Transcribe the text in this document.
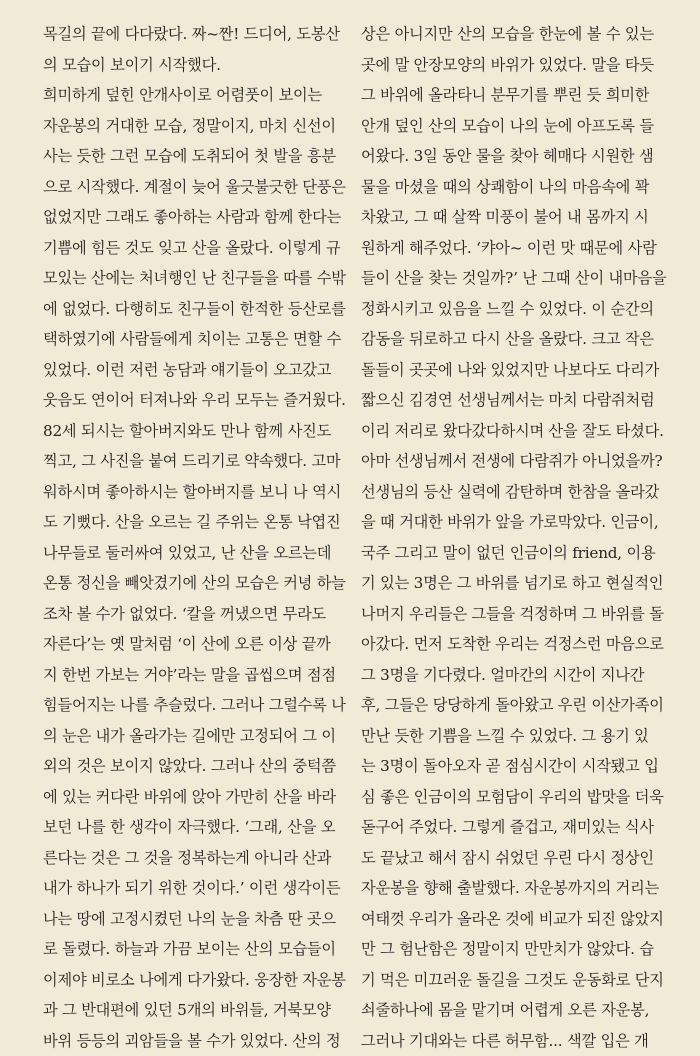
목길의 끝에 다다랐다. 짜~짠! 드디어, 도봉산
의 모습이 보이기 시작했다.
희미하게 덮힌 안개사이로 어렴풋이 보이는
자운봉의 거대한 모습, 정말이지, 마치 신선이
사는 듯한 그런 모습에 도취되어 첫 발을 흥분
으로 시작했다. 계절이 늦어 울긋불긋한 단풍은
없었지만 그래도 좋아하는 사람과 함께 한다는
기쁨에 힘든 것도 잊고 산을 올랐다. 이렇게 규
모있는 산에는 처녀행인 난 친구들을 따를 수밖
에 없었다. 다행히도 친구들이 한적한 등산로를
택하였기에 사람들에게 치이는 고통은 면할 수
있었다. 이런 저런 농담과 얘기들이 오고갔고
웃음도 연이어 터져나와 우리 모두는 즐거웠다.
82세 되시는 할아버지와도 만나 함께 사진도
찍고, 그 사진을 붙여 드리기로 약속했다. 고마
워하시며 좋아하시는 할아버지를 보니 나 역시
도 기뻤다. 산을 오르는 길 주위는 온통 낙엽진
나무들로 둘러싸여 있었고, 난 산을 오르는데
온통 정신을 빼앗겼기에 산의 모습은 커녕 하늘
조차 볼 수가 없었다. ‘칼을 꺼냈으면 무라도
자른다’는 옛 말처럼 ‘이 산에 오른 이상 끝까
지 한번 가보는 거야’라는 말을 곱씹으며 점점
힘들어지는 나를 추슬렀다. 그러나 그럴수록 나
의 눈은 내가 올라가는 길에만 고정되어 그 이
외의 것은 보이지 않았다. 그러나 산의 중턱쯤
에 있는 커다란 바위에 앉아 가만히 산을 바라
보던 나를 한 생각이 자극했다. ‘그래, 산을 오
른다는 것은 그 것을 정복하는게 아니라 산과
내가 하나가 되기 위한 것이다.’ 이런 생각이든
나는 땅에 고정시켰던 나의 눈을 차츰 딴 곳으
로 돌렸다. 하늘과 가끔 보이는 산의 모습들이
이제야 비로소 나에게 다가왔다. 웅장한 자운봉
과 그 반대편에 있던 5개의 바위들, 거북모양
바위 등등의 괴암들을 볼 수가 있었다. 산의 정
상은 아니지만 산의 모습을 한눈에 볼 수 있는
곳에 말 안장모양의 바위가 있었다. 말을 타듯
그 바위에 올라타니 분무기를 뿌린 듯 희미한
안개 덮인 산의 모습이 나의 눈에 아프도록 들
어왔다. 3일 동안 물을 찾아 헤매다 시원한 샘
물을 마셨을 때의 상쾌함이 나의 마음속에 꽉
차왔고, 그 때 살짝 미풍이 불어 내 몸까지 시
원하게 해주었다. ‘캬아~ 이런 맛 때문에 사람
들이 산을 찾는 것일까?’ 난 그때 산이 내마음을
정화시키고 있음을 느낄 수 있었다. 이 순간의
감동을 뒤로하고 다시 산을 올랐다. 크고 작은
돌들이 곳곳에 나와 있었지만 나보다도 다리가
짧으신 김경연 선생님께서는 마치 다람쥐처럼
이리 저리로 왔다갔다하시며 산을 잘도 타셨다.
아마 선생님께서 전생에 다람쥐가 아니었을까?
선생님의 등산 실력에 감탄하며 한참을 올라갔
을 때 거대한 바위가 앞을 가로막았다. 인금이,
국주 그리고 말이 없던 인금이의 friend, 이용
기 있는 3명은 그 바위를 넘기로 하고 현실적인
나머지 우리들은 그들을 걱정하며 그 바위를 돌
아갔다. 먼저 도착한 우리는 걱정스런 마음으로
그 3명을 기다렸다. 얼마간의 시간이 지나간
후, 그들은 당당하게 돌아왔고 우린 이산가족이
만난 듯한 기쁨을 느낄 수 있었다. 그 용기 있
는 3명이 돌아오자 곧 점심시간이 시작됐고 입
심 좋은 인금이의 모험담이 우리의 밥맛을 더욱
돋구어 주었다. 그렇게 즐겁고, 재미있는 식사
도 끝났고 해서 잠시 쉬었던 우린 다시 정상인
자운봉을 향해 출발했다. 자운봉까지의 거리는
여태껏 우리가 올라온 것에 비교가 되진 않았지
만 그 험난함은 정말이지 만만치가 않았다. 습
기 먹은 미끄러운 돌길을 그것도 운동화로 단지
쇠줄하나에 몸을 맡기며 어렵게 오른 자운봉,
그러나 기대와는 다른 허무함... 색깔 입은 개
